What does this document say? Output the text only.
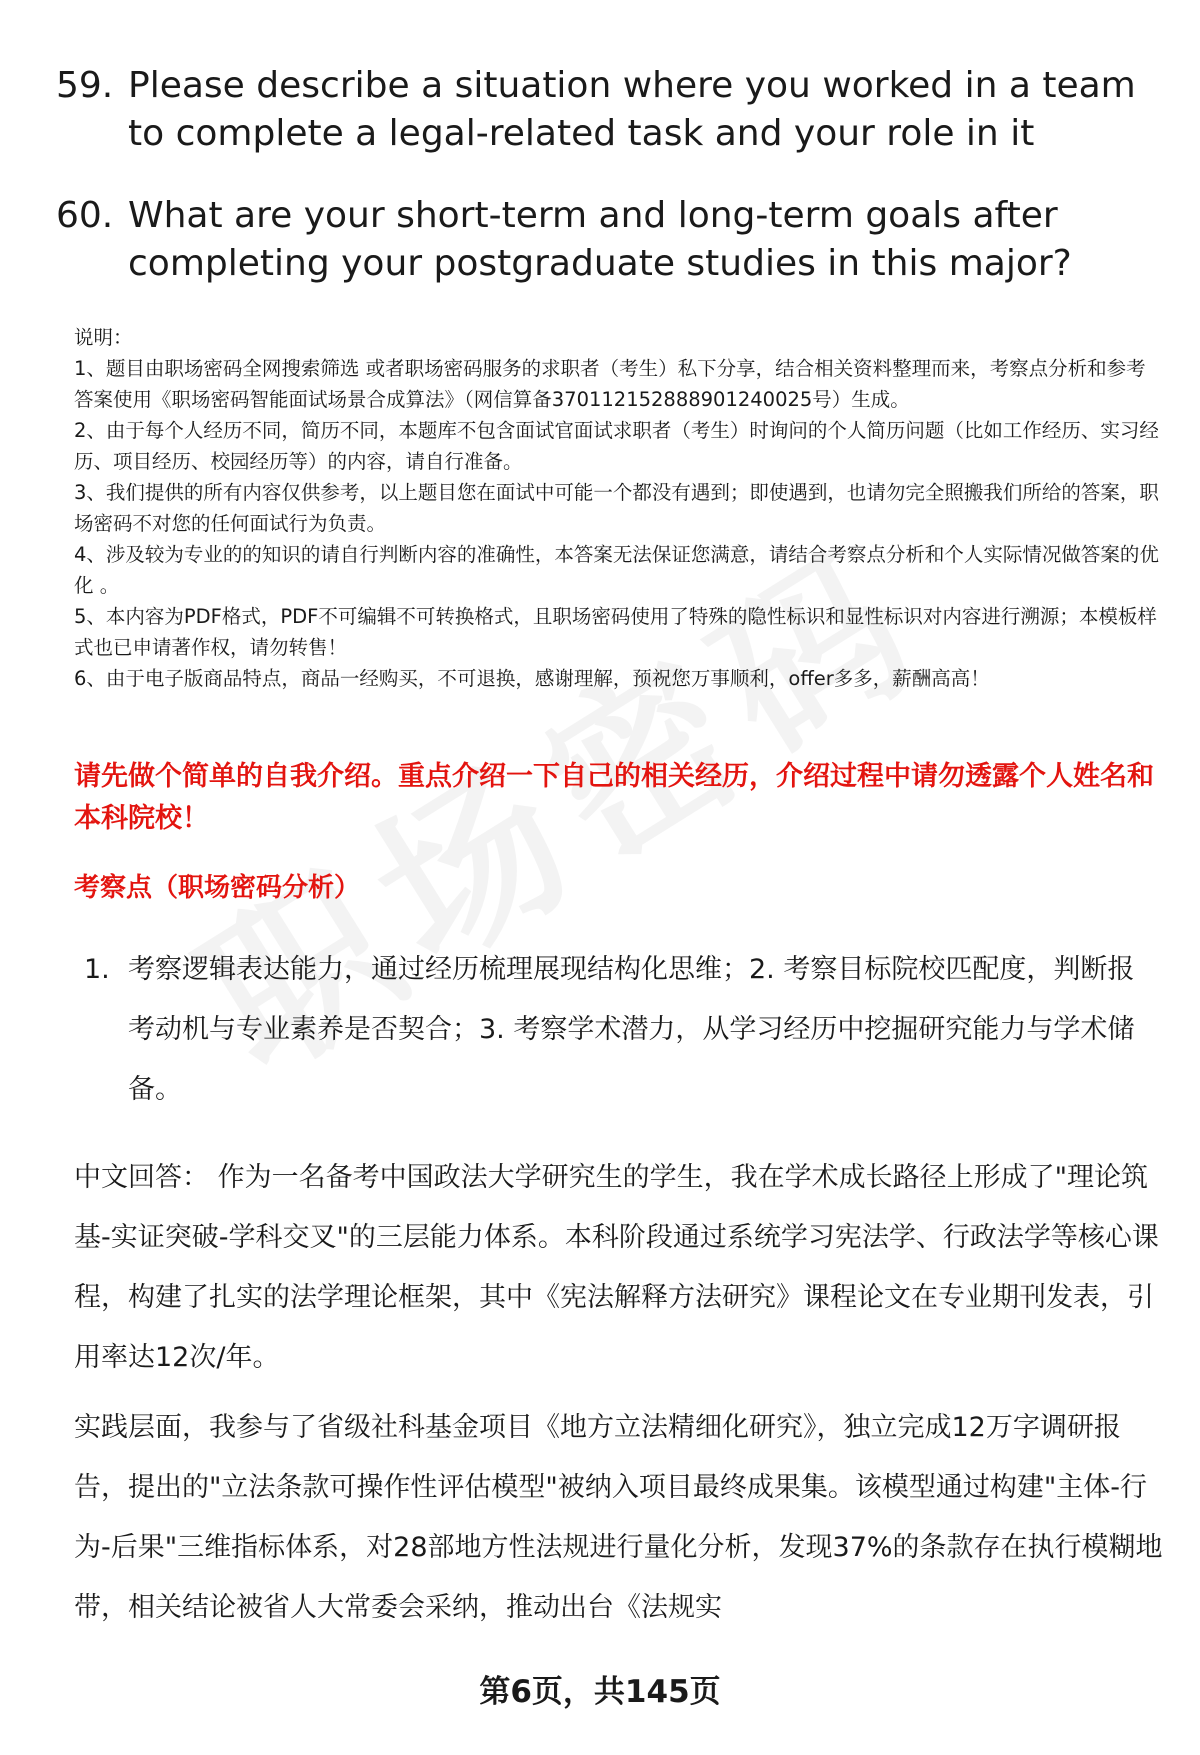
59. Please describe a situation where you worked in a team to complete a legal-related task and your role in it
60. What are your short-term and long-term goals after completing your postgraduate studies in this major?
说明：
1、题目由职场密码全网搜索筛选 或者职场密码服务的求职者（考生）私下分享，结合相关资料整理而来，考察点分析和参考答案使用《职场密码智能面试场景合成算法》（网信算备370112152888901240025号）生成。
2、由于每个人经历不同，简历不同，本题库不包含面试官面试求职者（考生）时询问的个人简历问题（比如工作经历、实习经历、项目经历、校园经历等）的内容，请自行准备。
3、我们提供的所有内容仅供参考，以上题目您在面试中可能一个都没有遇到；即使遇到，也请勿完全照搬我们所给的答案，职场密码不对您的任何面试行为负责。
4、涉及较为专业的的知识的请自行判断内容的准确性，本答案无法保证您满意，请结合考察点分析和个人实际情况做答案的优化 。
5、本内容为PDF格式，PDF不可编辑不可转换格式，且职场密码使用了特殊的隐性标识和显性标识对内容进行溯源；本模板样式也已申请著作权，请勿转售！
6、由于电子版商品特点，商品一经购买，不可退换，感谢理解，预祝您万事顺利，offer多多，薪酬高高！
请先做个简单的自我介绍。重点介绍一下自己的相关经历，介绍过程中请勿透露个人姓名和本科院校！
考察点（职场密码分析）
1. 考察逻辑表达能力，通过经历梳理展现结构化思维；2. 考察目标院校匹配度，判断报考动机与专业素养是否契合；3. 考察学术潜力，从学习经历中挖掘研究能力与学术储备。
中文回答： 作为一名备考中国政法大学研究生的学生，我在学术成长路径上形成了"理论筑基-实证突破-学科交叉"的三层能力体系。本科阶段通过系统学习宪法学、行政法学等核心课程，构建了扎实的法学理论框架，其中《宪法解释方法研究》课程论文在专业期刊发表，引用率达12次/年。
实践层面，我参与了省级社科基金项目《地方立法精细化研究》，独立完成12万字调研报告，提出的"立法条款可操作性评估模型"被纳入项目最终成果集。该模型通过构建"主体-行为-后果"三维指标体系，对28部地方性法规进行量化分析，发现37%的条款存在执行模糊地带，相关结论被省人大常委会采纳，推动出台《法规实
第6页，共145页
